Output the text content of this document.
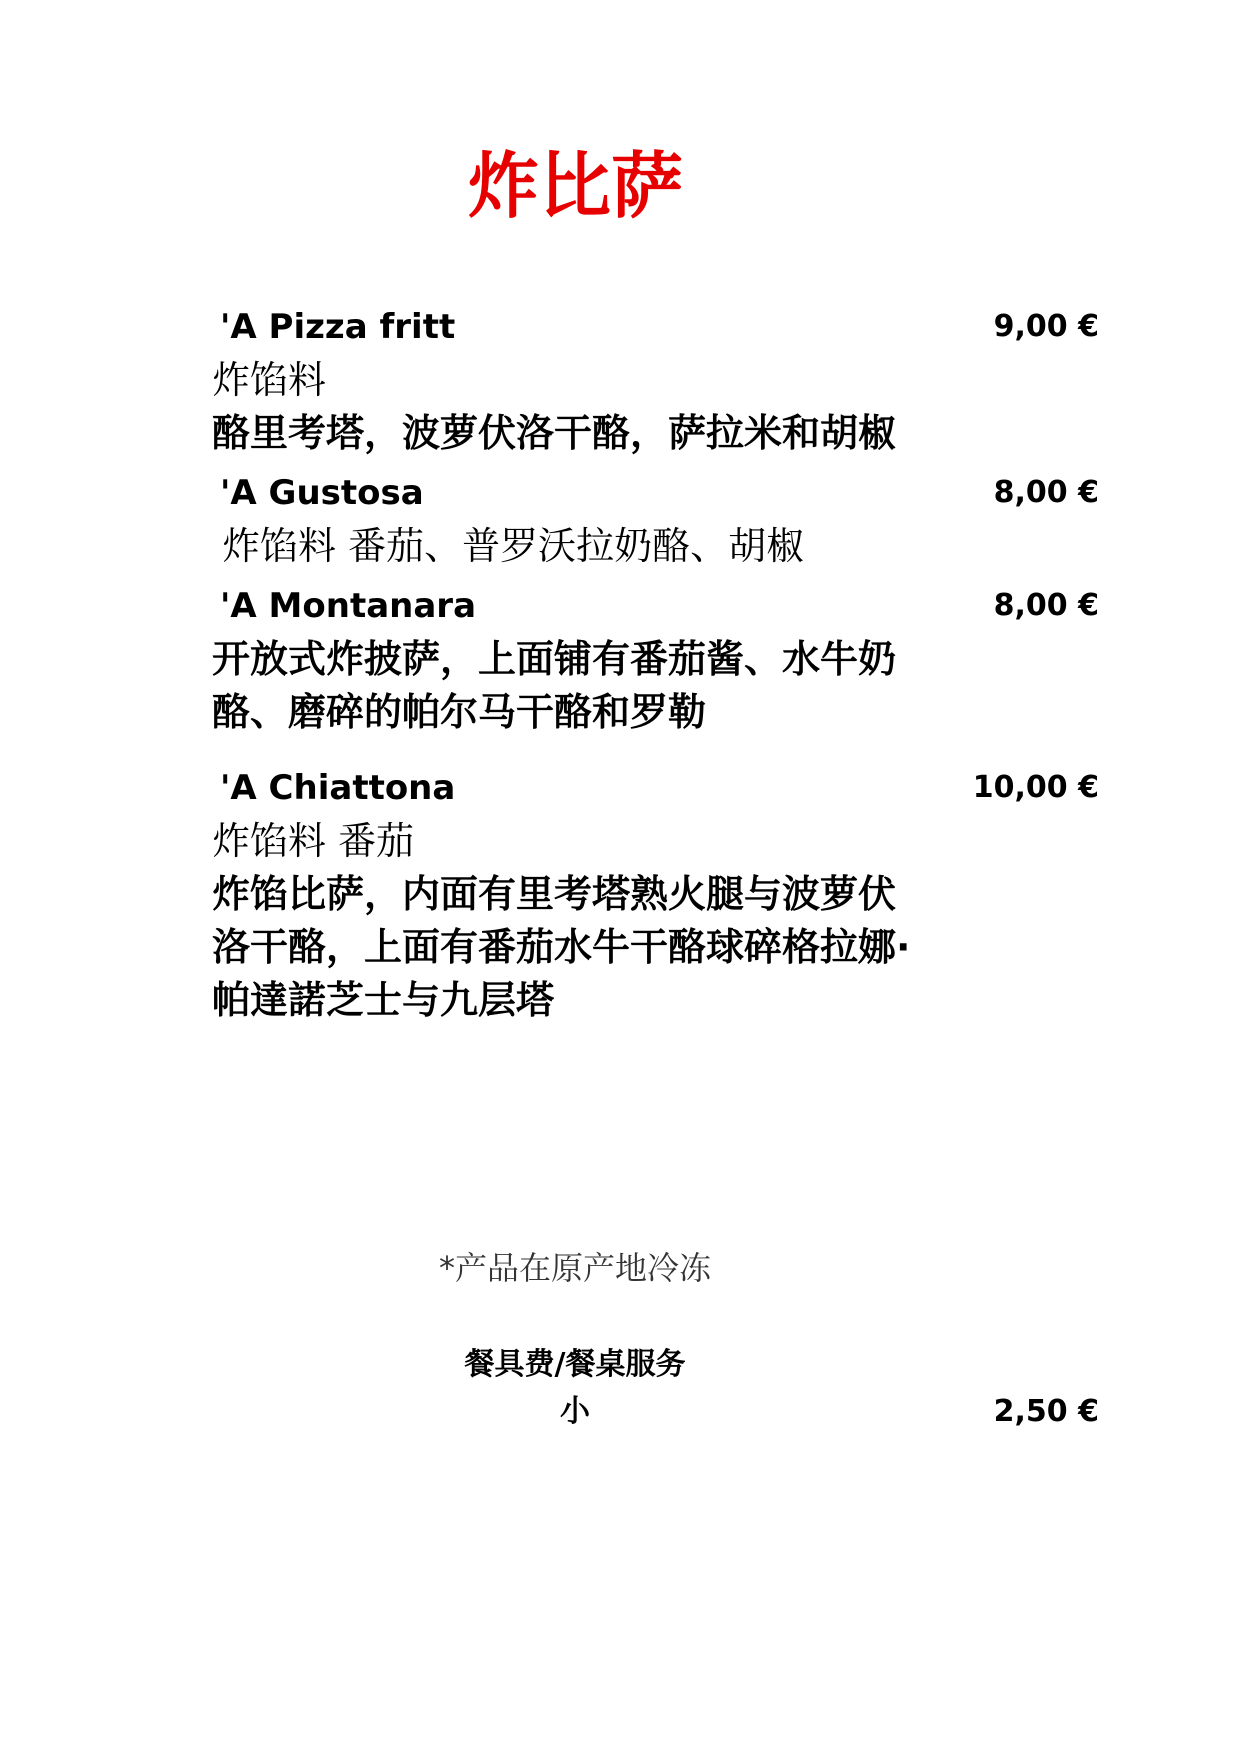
炸比萨
'A Pizza fritt	9,00 €
炸馅料
酪里考塔，波萝伏洛干酪，萨拉米和胡椒
'A Gustosa	8,00 €
炸馅料 番茄、普罗沃拉奶酪、胡椒
'A Montanara	8,00 €
开放式炸披萨，上面铺有番茄酱、水牛奶酪、磨碎的帕尔马干酪和罗勒
'A Chiattona	10,00 €
炸馅料 番茄
炸馅比萨，内面有里考塔熟火腿与波萝伏洛干酪，上面有番茄水牛干酪球碎格拉娜·帕達諾芝士与九层塔
*产品在原产地冷冻
餐具费/餐桌服务
小	2,50 €
